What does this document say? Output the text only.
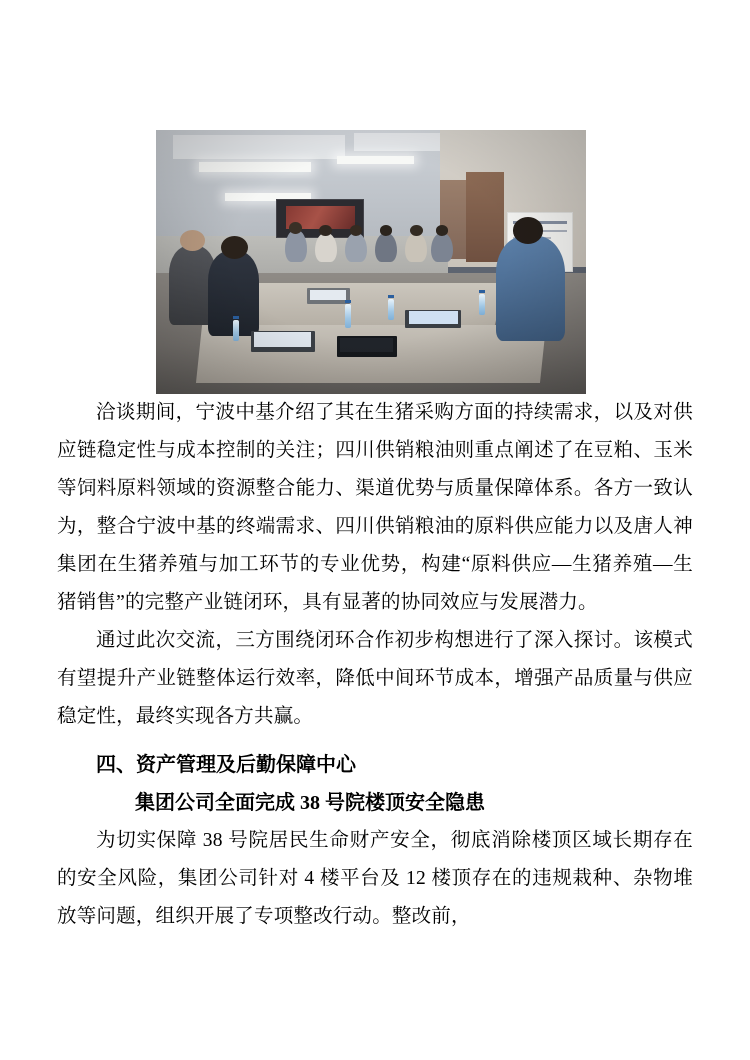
洽谈期间，宁波中基介绍了其在生猪采购方面的持续需求，以及对供应链稳定性与成本控制的关注；四川供销粮油则重点阐述了在豆粕、玉米等饲料原料领域的资源整合能力、渠道优势与质量保障体系。各方一致认为，整合宁波中基的终端需求、四川供销粮油的原料供应能力以及唐人神集团在生猪养殖与加工环节的专业优势，构建“原料供应—生猪养殖—生猪销售”的完整产业链闭环，具有显著的协同效应与发展潜力。

通过此次交流，三方围绕闭环合作初步构想进行了深入探讨。该模式有望提升产业链整体运行效率，降低中间环节成本，增强产品质量与供应稳定性，最终实现各方共赢。

四、资产管理及后勤保障中心
集团公司全面完成 38 号院楼顶安全隐患

为切实保障 38 号院居民生命财产安全，彻底消除楼顶区域长期存在的安全风险，集团公司针对 4 楼平台及 12 楼顶存在的违规栽种、杂物堆放等问题，组织开展了专项整改行动。整改前，
